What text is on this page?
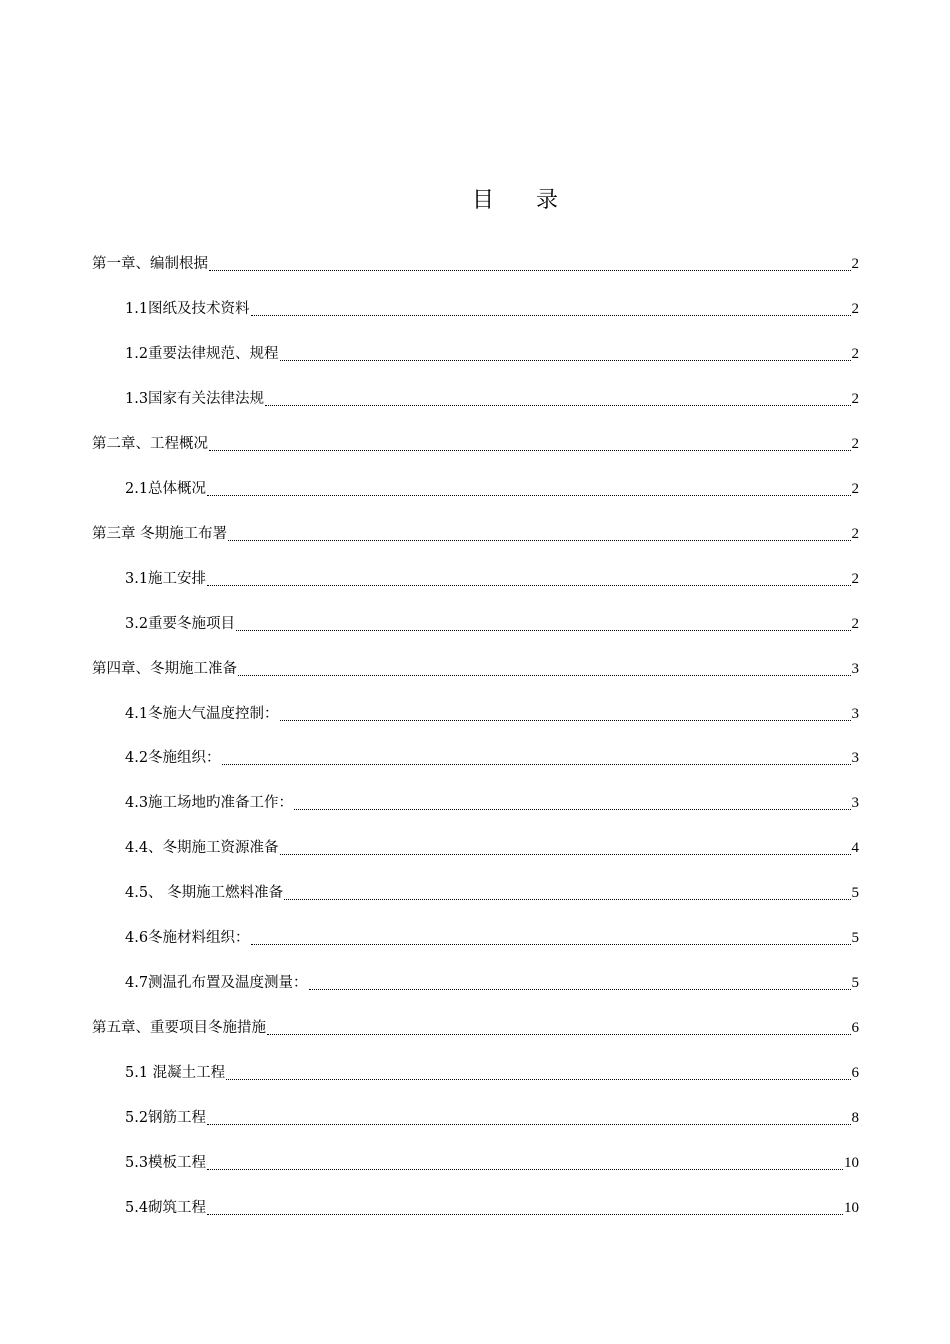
目 录
第一章、编制根据	2
1.1图纸及技术资料	2
1.2重要法律规范、规程	2
1.3国家有关法律法规	2
第二章、工程概况	2
2.1总体概况	2
第三章 冬期施工布署	2
3.1施工安排	2
3.2重要冬施项目	2
第四章、冬期施工准备	3
4.1冬施大气温度控制：	3
4.2冬施组织：	3
4.3施工场地旳准备工作：	3
4.4、冬期施工资源准备	4
4.5、 冬期施工燃料准备	5
4.6冬施材料组织：	5
4.7测温孔布置及温度测量：	5
第五章、重要项目冬施措施	6
5.1 混凝土工程	6
5.2钢筋工程	8
5.3模板工程	10
5.4砌筑工程	10
